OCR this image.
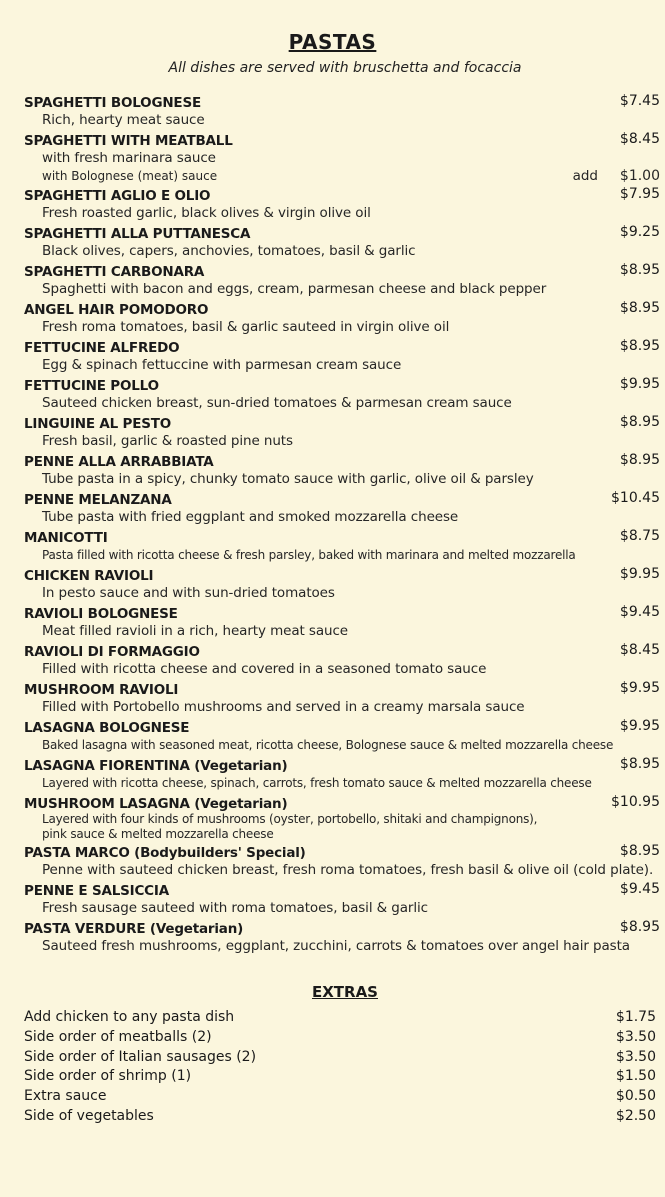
PASTAS
All dishes are served with bruschetta and focaccia
SPAGHETTI BOLOGNESE	$7.45
Rich, hearty meat sauce
SPAGHETTI WITH MEATBALL	$8.45
with fresh marinara sauce
with Bolognese (meat) sauce	add $1.00
SPAGHETTI AGLIO E OLIO	$7.95
Fresh roasted garlic, black olives & virgin olive oil
SPAGHETTI ALLA PUTTANESCA	$9.25
Black olives, capers, anchovies, tomatoes, basil & garlic
SPAGHETTI CARBONARA	$8.95
Spaghetti with bacon and eggs, cream, parmesan cheese and black pepper
ANGEL HAIR POMODORO	$8.95
Fresh roma tomatoes, basil & garlic sauteed in virgin olive oil
FETTUCINE ALFREDO	$8.95
Egg & spinach fettuccine with parmesan cream sauce
FETTUCINE POLLO	$9.95
Sauteed chicken breast, sun-dried tomatoes & parmesan cream sauce
LINGUINE AL PESTO	$8.95
Fresh basil, garlic & roasted pine nuts
PENNE ALLA ARRABBIATA	$8.95
Tube pasta in a spicy, chunky tomato sauce with garlic, olive oil & parsley
PENNE MELANZANA	$10.45
Tube pasta with fried eggplant and smoked mozzarella cheese
MANICOTTI	$8.75
Pasta filled with ricotta cheese & fresh parsley, baked with marinara and melted mozzarella
CHICKEN RAVIOLI	$9.95
In pesto sauce and with sun-dried tomatoes
RAVIOLI BOLOGNESE	$9.45
Meat filled ravioli in a rich, hearty meat sauce
RAVIOLI DI FORMAGGIO	$8.45
Filled with ricotta cheese and covered in a seasoned tomato sauce
MUSHROOM RAVIOLI	$9.95
Filled with Portobello mushrooms and served in a creamy marsala sauce
LASAGNA BOLOGNESE	$9.95
Baked lasagna with seasoned meat, ricotta cheese, Bolognese sauce & melted mozzarella cheese
LASAGNA FIORENTINA (Vegetarian)	$8.95
Layered with ricotta cheese, spinach, carrots, fresh tomato sauce & melted mozzarella cheese
MUSHROOM LASAGNA (Vegetarian)	$10.95
Layered with four kinds of mushrooms (oyster, portobello, shitaki and champignons),
pink sauce & melted mozzarella cheese
PASTA MARCO (Bodybuilders' Special)	$8.95
Penne with sauteed chicken breast, fresh roma tomatoes, fresh basil & olive oil (cold plate).
PENNE E SALSICCIA	$9.45
Fresh sausage sauteed with roma tomatoes, basil & garlic
PASTA VERDURE (Vegetarian)	$8.95
Sauteed fresh mushrooms, eggplant, zucchini, carrots & tomatoes over angel hair pasta
EXTRAS
Add chicken to any pasta dish	$1.75
Side order of meatballs (2)	$3.50
Side order of Italian sausages (2)	$3.50
Side order of shrimp (1)	$1.50
Extra sauce	$0.50
Side of vegetables	$2.50
